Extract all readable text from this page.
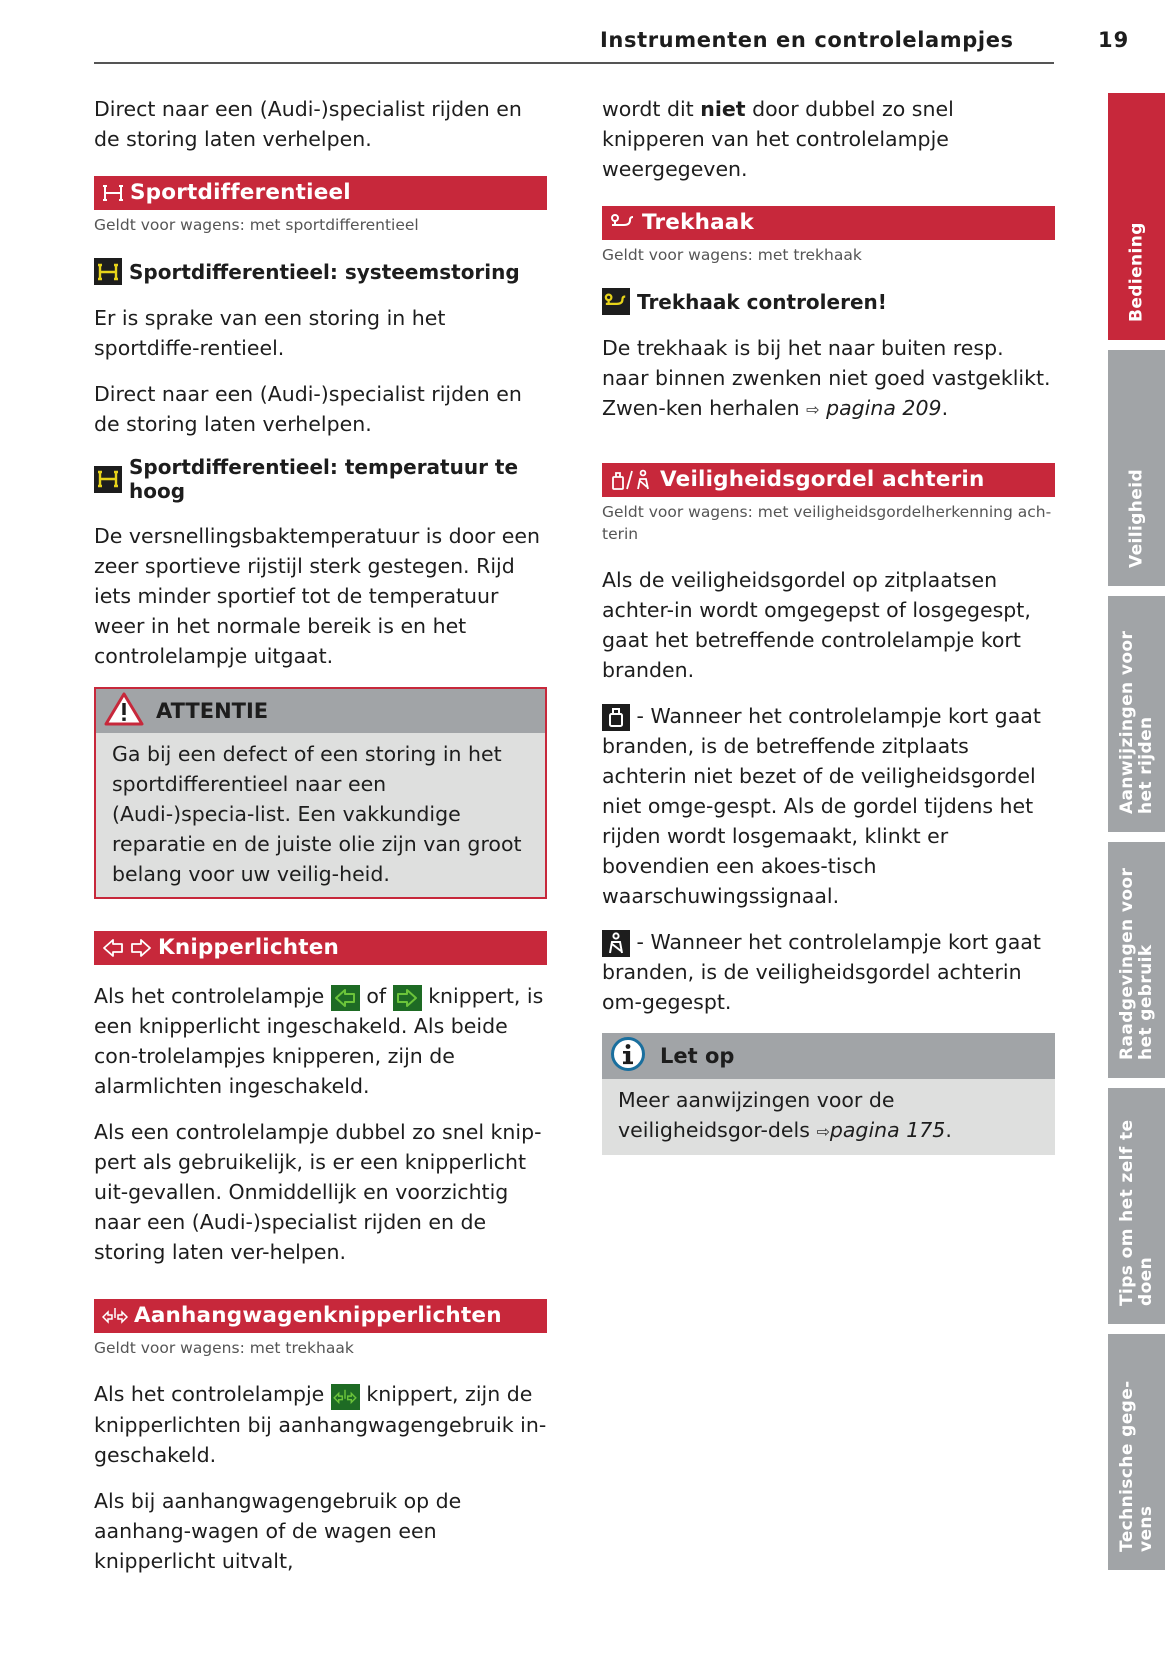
Instrumenten en controlelampjes	19

Direct naar een (Audi-)specialist rijden en de storing laten verhelpen.

Sportdifferentieel
Geldt voor wagens: met sportdifferentieel
Sportdifferentieel: systeemstoring

Er is sprake van een storing in het sportdiffe-rentieel.

Direct naar een (Audi-)specialist rijden en de storing laten verhelpen.

Sportdifferentieel: temperatuur te hoog

De versnellingsbaktemperatuur is door een zeer sportieve rijstijl sterk gestegen. Rijd iets minder sportief tot de temperatuur weer in het normale bereik is en het controlelampje uitgaat.

ATTENTIE

Ga bij een defect of een storing in het sportdifferentieel naar een (Audi-)specia-list. Een vakkundige reparatie en de juiste olie zijn van groot belang voor uw veilig-heid.

Knipperlichten

Als het controlelampje of knippert, is een knipperlicht ingeschakeld. Als beide con-trolelampjes knipperen, zijn de alarmlichten ingeschakeld.

Als een controlelampje dubbel zo snel knip-pert als gebruikelijk, is er een knipperlicht uit-gevallen. Onmiddellijk en voorzichtig naar een (Audi-)specialist rijden en de storing laten ver-helpen.

Aanhangwagenknipperlichten
Geldt voor wagens: met trekhaak

Als het controlelampje knippert, zijn de knipperlichten bij aanhangwagengebruik in-geschakeld.

Als bij aanhangwagengebruik op de aanhang-wagen of de wagen een knipperlicht uitvalt,

wordt dit niet door dubbel zo snel knipperen van het controlelampje weergegeven.

Trekhaak
Geldt voor wagens: met trekhaak
Trekhaak controleren!

De trekhaak is bij het naar buiten resp. naar binnen zwenken niet goed vastgeklikt. Zwen-ken herhalen ⇨ pagina 209.

Veiligheidsgordel achterin
Geldt voor wagens: met veiligheidsgordelherkenning ach-terin

Als de veiligheidsgordel op zitplaatsen achter-in wordt omgegepst of losgegespt, gaat het betreffende controlelampje kort branden.

- Wanneer het controlelampje kort gaat branden, is de betreffende zitplaats achterin niet bezet of de veiligheidsgordel niet omge-gespt. Als de gordel tijdens het rijden wordt losgemaakt, klinkt er bovendien een akoes-tisch waarschuwingssignaal.

- Wanneer het controlelampje kort gaat branden, is de veiligheidsgordel achterin om-gegespt.

Let op

Meer aanwijzingen voor de veiligheidsgor-dels ⇨pagina 175.

Bediening
Veiligheid
Aanwijzingen voor het rijden
Raadgevingen voor het gebruik
Tips om het zelf te doen
Technische gege-vens
